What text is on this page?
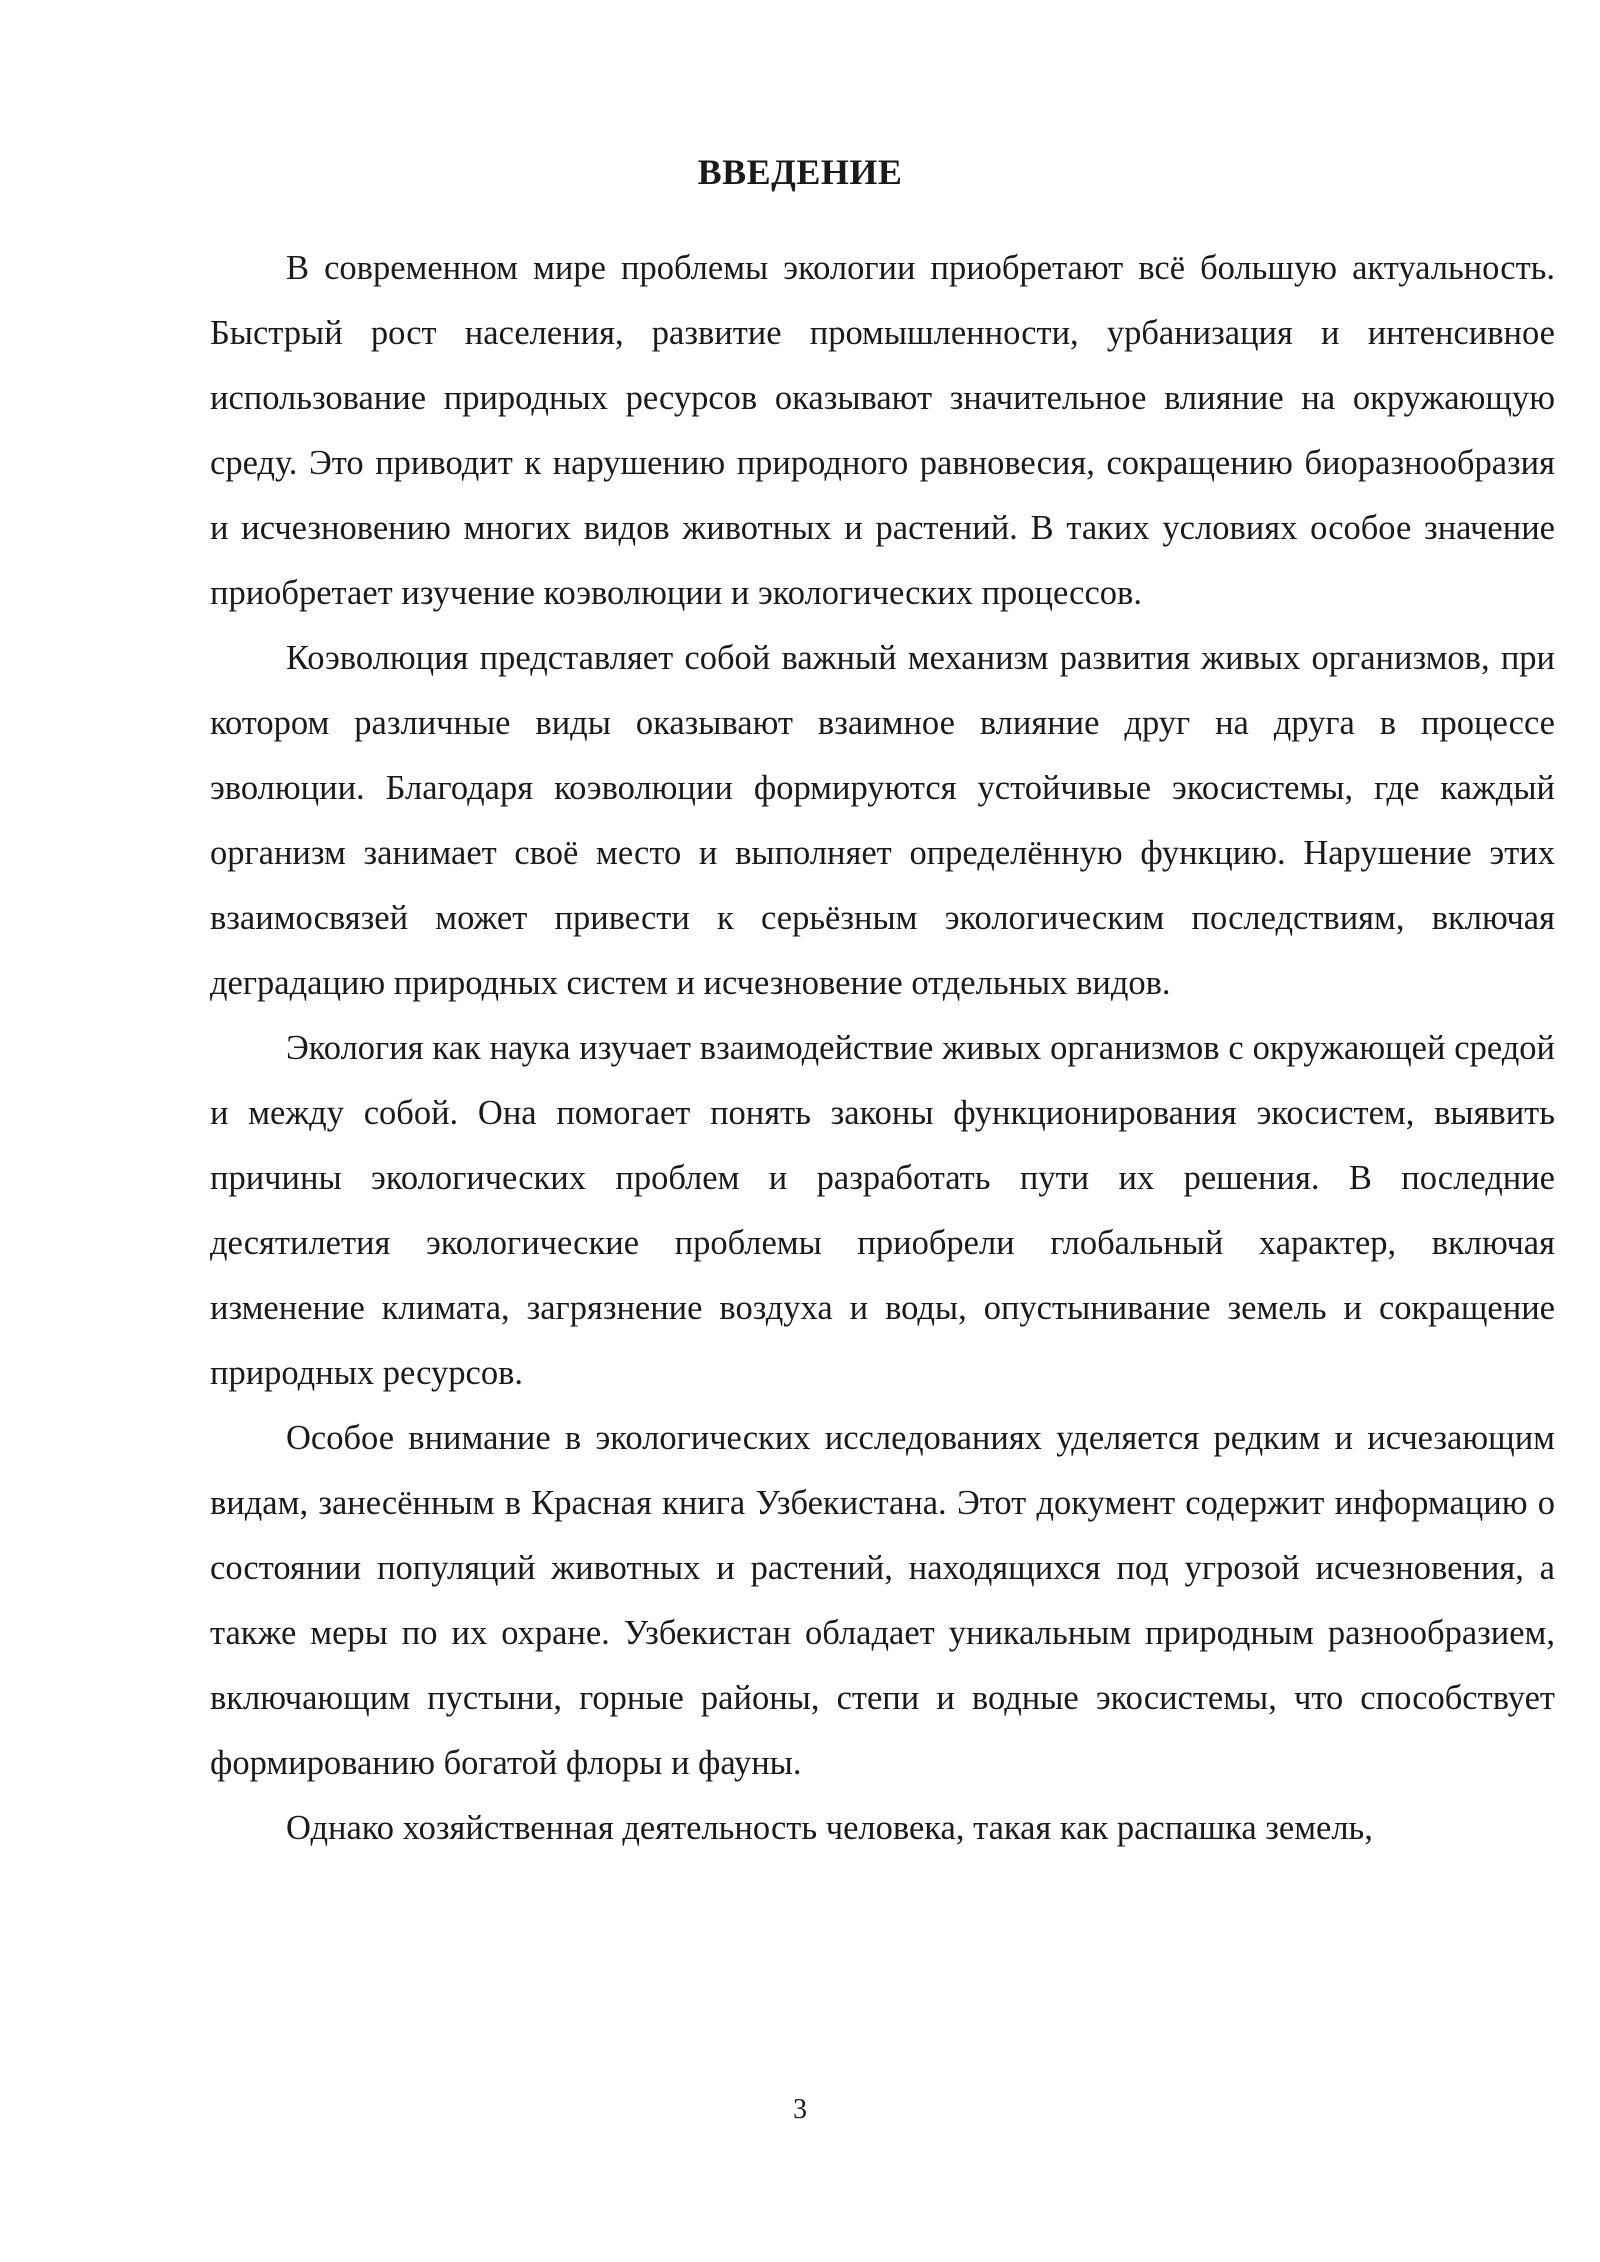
ВВЕДЕНИЕ

В современном мире проблемы экологии приобретают всё большую актуальность. Быстрый рост населения, развитие промышленности, урбанизация и интенсивное использование природных ресурсов оказывают значительное влияние на окружающую среду. Это приводит к нарушению природного равновесия, сокращению биоразнообразия и исчезновению многих видов животных и растений. В таких условиях особое значение приобретает изучение коэволюции и экологических процессов.

Коэволюция представляет собой важный механизм развития живых организмов, при котором различные виды оказывают взаимное влияние друг на друга в процессе эволюции. Благодаря коэволюции формируются устойчивые экосистемы, где каждый организм занимает своё место и выполняет определённую функцию. Нарушение этих взаимосвязей может привести к серьёзным экологическим последствиям, включая деградацию природных систем и исчезновение отдельных видов.

Экология как наука изучает взаимодействие живых организмов с окружающей средой и между собой. Она помогает понять законы функционирования экосистем, выявить причины экологических проблем и разработать пути их решения. В последние десятилетия экологические проблемы приобрели глобальный характер, включая изменение климата, загрязнение воздуха и воды, опустынивание земель и сокращение природных ресурсов.

Особое внимание в экологических исследованиях уделяется редким и исчезающим видам, занесённым в Красная книга Узбекистана. Этот документ содержит информацию о состоянии популяций животных и растений, находящихся под угрозой исчезновения, а также меры по их охране. Узбекистан обладает уникальным природным разнообразием, включающим пустыни, горные районы, степи и водные экосистемы, что способствует формированию богатой флоры и фауны.

Однако хозяйственная деятельность человека, такая как распашка земель,

3
